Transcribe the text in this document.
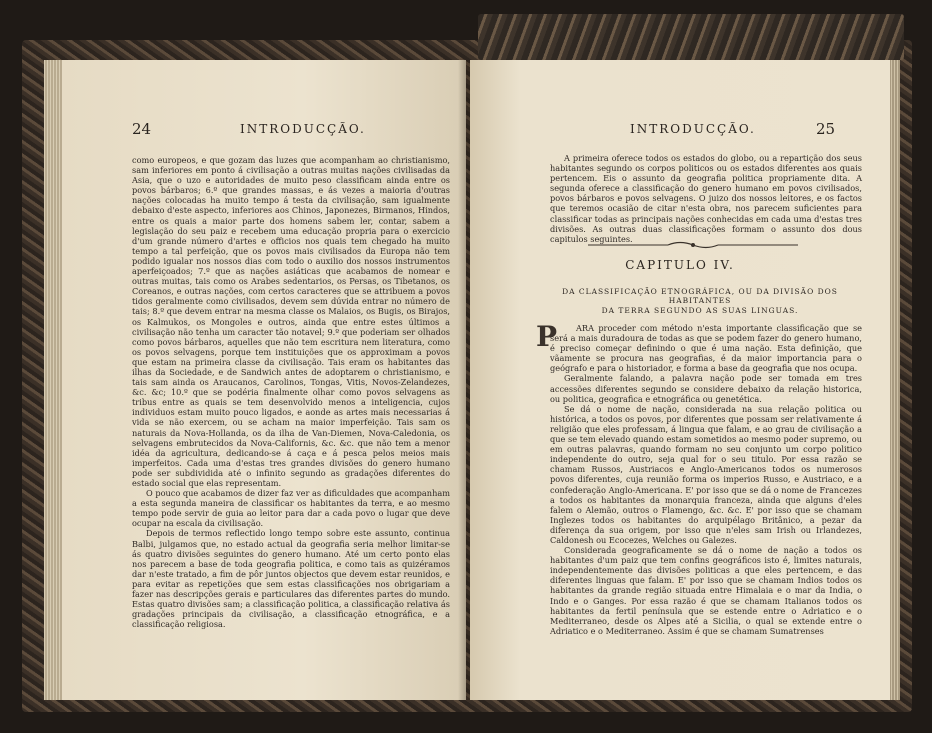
24	INTRODUCÇÃO.

como europeos, e que gozam das luzes que acompanham ao christianismo, sam inferiores em ponto á civilisação a outras muitas nações civilisadas da Asia, que o uzo e autoridades de muito peso classificam ainda entre os povos bárbaros; 6.º que grandes massas, e ás vezes a maioria d'outras nações colocadas ha muito tempo á testa da civilisação, sam igualmente debaixo d'este aspecto, inferiores aos Chinos, Japonezes, Birmanos, Hindos, entre os quais a maior parte dos homens sabem ler, contar, sabem a legislação do seu paiz e recebem uma educação propria para o exercicio d'um grande número d'artes e officios nos quais tem chegado ha muito tempo a tal perfeição, que os povos mais civilisados da Europa não tem podido igualar nos nossos dias com todo o auxilio dos nossos instrumentos aperfeiçoados; 7.º que as nações asiáticas que acabamos de nomear e outras muitas, tais como os Arabes sedentarios, os Persas, os Tibetanos, os Coreanos, e outras nações, com certos caracteres que se attribuem a povos tidos geralmente como civilisados, devem sem dúvida entrar no número de tais; 8.º que devem entrar na mesma classe os Malaios, os Bugis, os Birajos, os Kalmukos, os Mongoles e outros, ainda que entre estes últimos a civilisação não tenha um caracter tão notavel; 9.º que poderiam ser olhados como povos bárbaros, aquelles que não tem escritura nem literatura, como os povos selvagens, porque tem instituições que os approximam a povos que estam na primeira classe da civilisação. Tais eram os habitantes das ilhas da Sociedade, e de Sandwich antes de adoptarem o christianismo, e tais sam ainda os Araucanos, Carolinos, Tongas, Vitis, Novos-Zelandezes, &c. &c; 10.º que se podéria finalmente olhar como povos selvagens as tribus entre as quais se tem desenvolvido menos a inteligencia, cujos individuos estam muito pouco ligados, e aonde as artes mais necessarias á vida se não exercem, ou se acham na maior imperfeição. Tais sam os naturais da Nova-Hollanda, os da ilha de Van-Diemen, Nova-Caledonia, os selvagens embrutecidos da Nova-Californis, &c. &c. que não tem a menor idéa da agricultura, dedicando-se á caça e á pesca pelos meios mais imperfeitos. Cada uma d'estas tres grandes divisões do genero humano pode ser subdividida até o infinito segundo as gradações diferentes do estado social que elas representam.

O pouco que acabamos de dizer faz ver as dificuldades que acompanham a esta segunda maneira de classificar os habitantes da terra, e ao mesmo tempo pode servir de guia ao leitor para dar a cada povo o lugar que deve ocupar na escala da civilisação.

Depois de termos reflectido longo tempo sobre este assunto, continua Balbi, julgamos que, no estado actual da geografia seria melhor limitar-se ás quatro divisões seguintes do genero humano. Até um certo ponto elas nos parecem a base de toda geografia politica, e como tais as quizéramos dar n'este tratado, a fim de pôr juntos objectos que devem estar reunidos, e para evitar as repetições que sem estas classificações nos obrigariam a fazer nas descripções gerais e particulares das diferentes partes do mundo. Estas quatro divisões sam; a classificação politica, a classificação relativa ás gradações principais da civilisação, a classificação etnográfica, e a classificação religiosa.

INTRODUCÇÃO.	25

A primeira oferece todos os estados do globo, ou a repartição dos seus habitantes segundo os corpos politicos ou os estados diferentes aos quais pertencem. Eis o assunto da geografia politica propriamente dita. A segunda oferece a classificação do genero humano em povos civilisados, povos bárbaros e povos selvagens. O juizo dos nossos leitores, e os factos que teremos ocasião de citar n'esta obra, nos parecem suficientes para classificar todas as principais nações conhecidas em cada uma d'estas tres divisões. As outras duas classificações formam o assunto dos dous capitulos seguintes.

CAPITULO IV.
DA CLASSIFICAÇÃO ETNOGRÁFICA, OU DA DIVISÃO DOS HABITANTES
DA TERRA SEGUNDO AS SUAS LINGUAS.
P	ARA proceder com método n'esta importante classificação que se será a mais duradoura de todas as que se podem fazer do genero humano, é preciso começar definindo o que é uma nação. Esta definição, que vãamente se procura nas geografias, é da maior importancia para o geógrafo e para o historiador, e forma a base da geografia que nos ocupa.

Geralmente falando, a palavra nação pode ser tomada em tres accessões diferentes segundo se considere debaixo da relação historica, ou politica, geografica e etnográfica ou genetética.

Se dá o nome de nação, considerada na sua relação politica ou histórica, a todos os povos, por diferentes que possam ser relativamente á religião que eles professam, á lingua que falam, e ao grau de civilisação a que se tem elevado quando estam sometidos ao mesmo poder supremo, ou em outras palavras, quando formam no seu conjunto um corpo politico independente do outro, seja qual for o seu titulo. Por essa razão se chamam Russos, Austriacos e Anglo-Americanos todos os numerosos povos diferentes, cuja reunião forma os imperios Russo, e Austriaco, e a confederação Anglo-Americana. E' por isso que se dá o nome de Francezes a todos os habitantes da monarquia franceza, ainda que alguns d'eles falem o Alemão, outros o Flamengo, &c. &c. E' por isso que se chamam Inglezes todos os habitantes do arquipélago Britânico, a pezar da diferença da sua origem, por isso que n'eles sam Irish ou Irlandezes, Caldonesh ou Ecocezes, Welches ou Galezes.

Considerada geograficamente se dá o nome de nação a todos os habitantes d'um paiz que tem confins geográficos isto é, limites naturais, independentemente das divisões politicas a que eles pertencem, e das diferentes linguas que falam. E' por isso que se chamam Indios todos os habitantes da grande região situada entre Himalaia e o mar da India, o Indo e o Ganges. Por essa razão é que se chamam Italianos todos os habitantes da fertil península que se estende entre o Adriatico e o Mediterraneo, desde os Alpes até a Sicilia, o qual se extende entre o Adriatico e o Mediterraneo. Assim é que se chamam Sumatrenses
